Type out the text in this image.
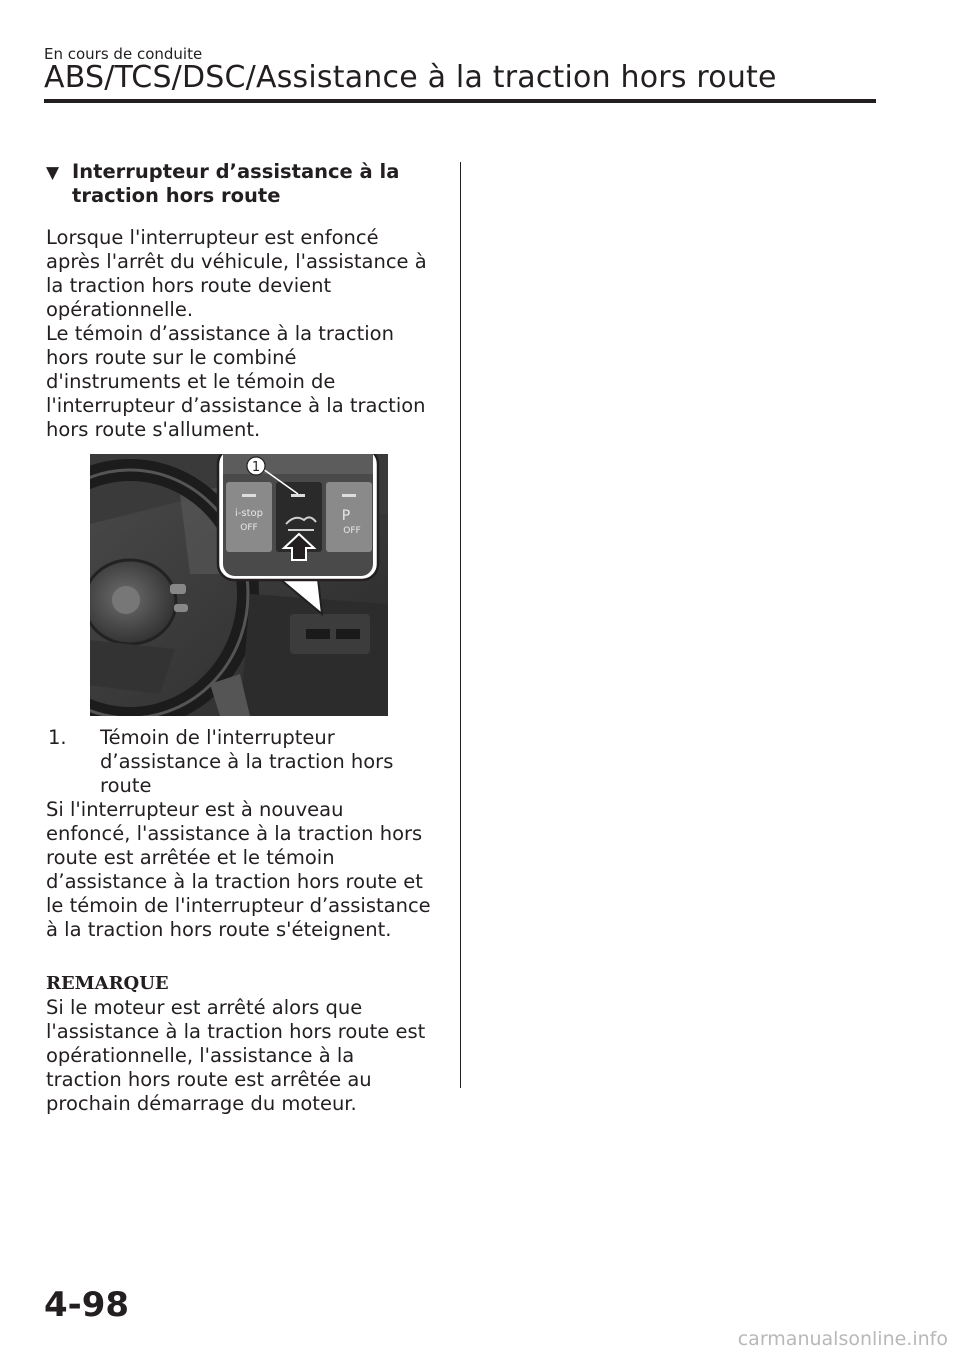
En cours de conduite
ABS/TCS/DSC/Assistance à la traction hors route

▼ Interrupteur d’assistance à la
traction hors route

Lorsque l'interrupteur est enfoncé
après l'arrêt du véhicule, l'assistance à
la traction hors route devient
opérationnelle.

Le témoin d’assistance à la traction
hors route sur le combiné
d'instruments et le témoin de
l'interrupteur d’assistance à la traction
hors route s'allument.

i-stop
OFF
P
OFF
1

1. Témoin de l'interrupteur
d’assistance à la traction hors route

Si l'interrupteur est à nouveau
enfoncé, l'assistance à la traction hors
route est arrêtée et le témoin
d’assistance à la traction hors route et
le témoin de l'interrupteur d’assistance
à la traction hors route s'éteignent.

REMARQUE

Si le moteur est arrêté alors que
l'assistance à la traction hors route est
opérationnelle, l'assistance à la
traction hors route est arrêtée au
prochain démarrage du moteur.

4-98
carmanualsonline.info
